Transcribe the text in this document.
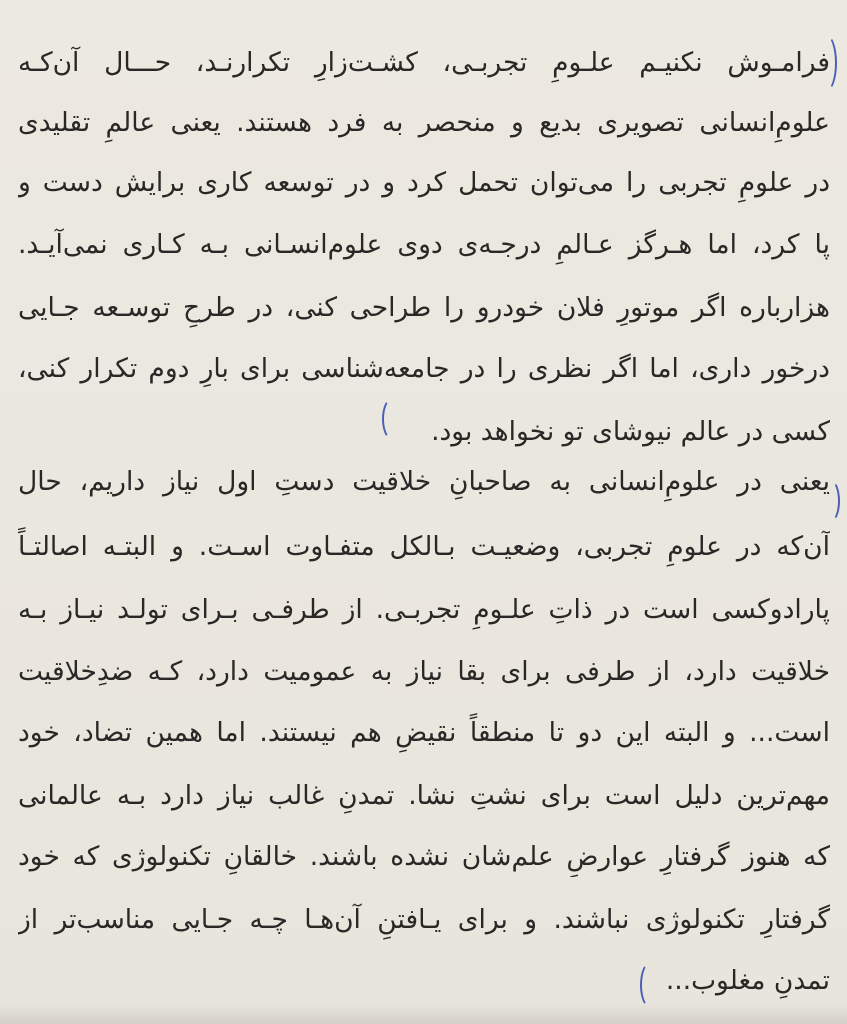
فرامـوش نکنیـم علـومِ تجربـی، کشـت‌زارِ تکرارنـد، حـــال آن‌کـه
علومِ‌انسانی تصویری بدیع و منحصر به فرد هستند. یعنی عالمِ تقلیدی
در علومِ تجربی را می‌توان تحمل کرد و در توسعه کاری برایش دست و
پا کرد، اما هـرگز عـالمِ درجـه‌ی دوی علوم‌انسـانی بـه کـاری نمی‌آیـد.
هزارباره اگر موتورِ فلان خودرو را طراحی کنی، در طرحِ توسـعه جـایی
درخور داری، اما اگر نظری را در جامعه‌شناسی برای بارِ دوم تکرار کنی،
کسی در عالم نیوشای تو نخواهد بود.
یعنی در علومِ‌انسانی به صاحبانِ خلاقیت دستِ اول نیاز داریم، حال
آن‌که در علومِ تجربی، وضعیـت بـالکل متفـاوت اسـت. و البتـه اصالتـاً
پارادوکسی است در ذاتِ علـومِ تجربـی. از طرفـی بـرای تولـد نیـاز بـه
خلاقیت دارد، از طرفی برای بقا نیاز به عمومیت دارد، کـه ضدِخلاقیت
است... و البته این دو تا منطقاً نقیضِ هم نیستند. اما همین تضاد، خود
مهم‌ترین دلیل است برای نشتِ نشا. تمدنِ غالب نیاز دارد بـه عالمانی
که هنوز گرفتارِ عوارضِ علم‌شان نشده باشند. خالقانِ تکنولوژی که خود
گرفتارِ تکنولوژی نباشند. و برای یـافتنِ آن‌هـا چـه جـایی مناسب‌تر از
تمدنِ مغلوب...
